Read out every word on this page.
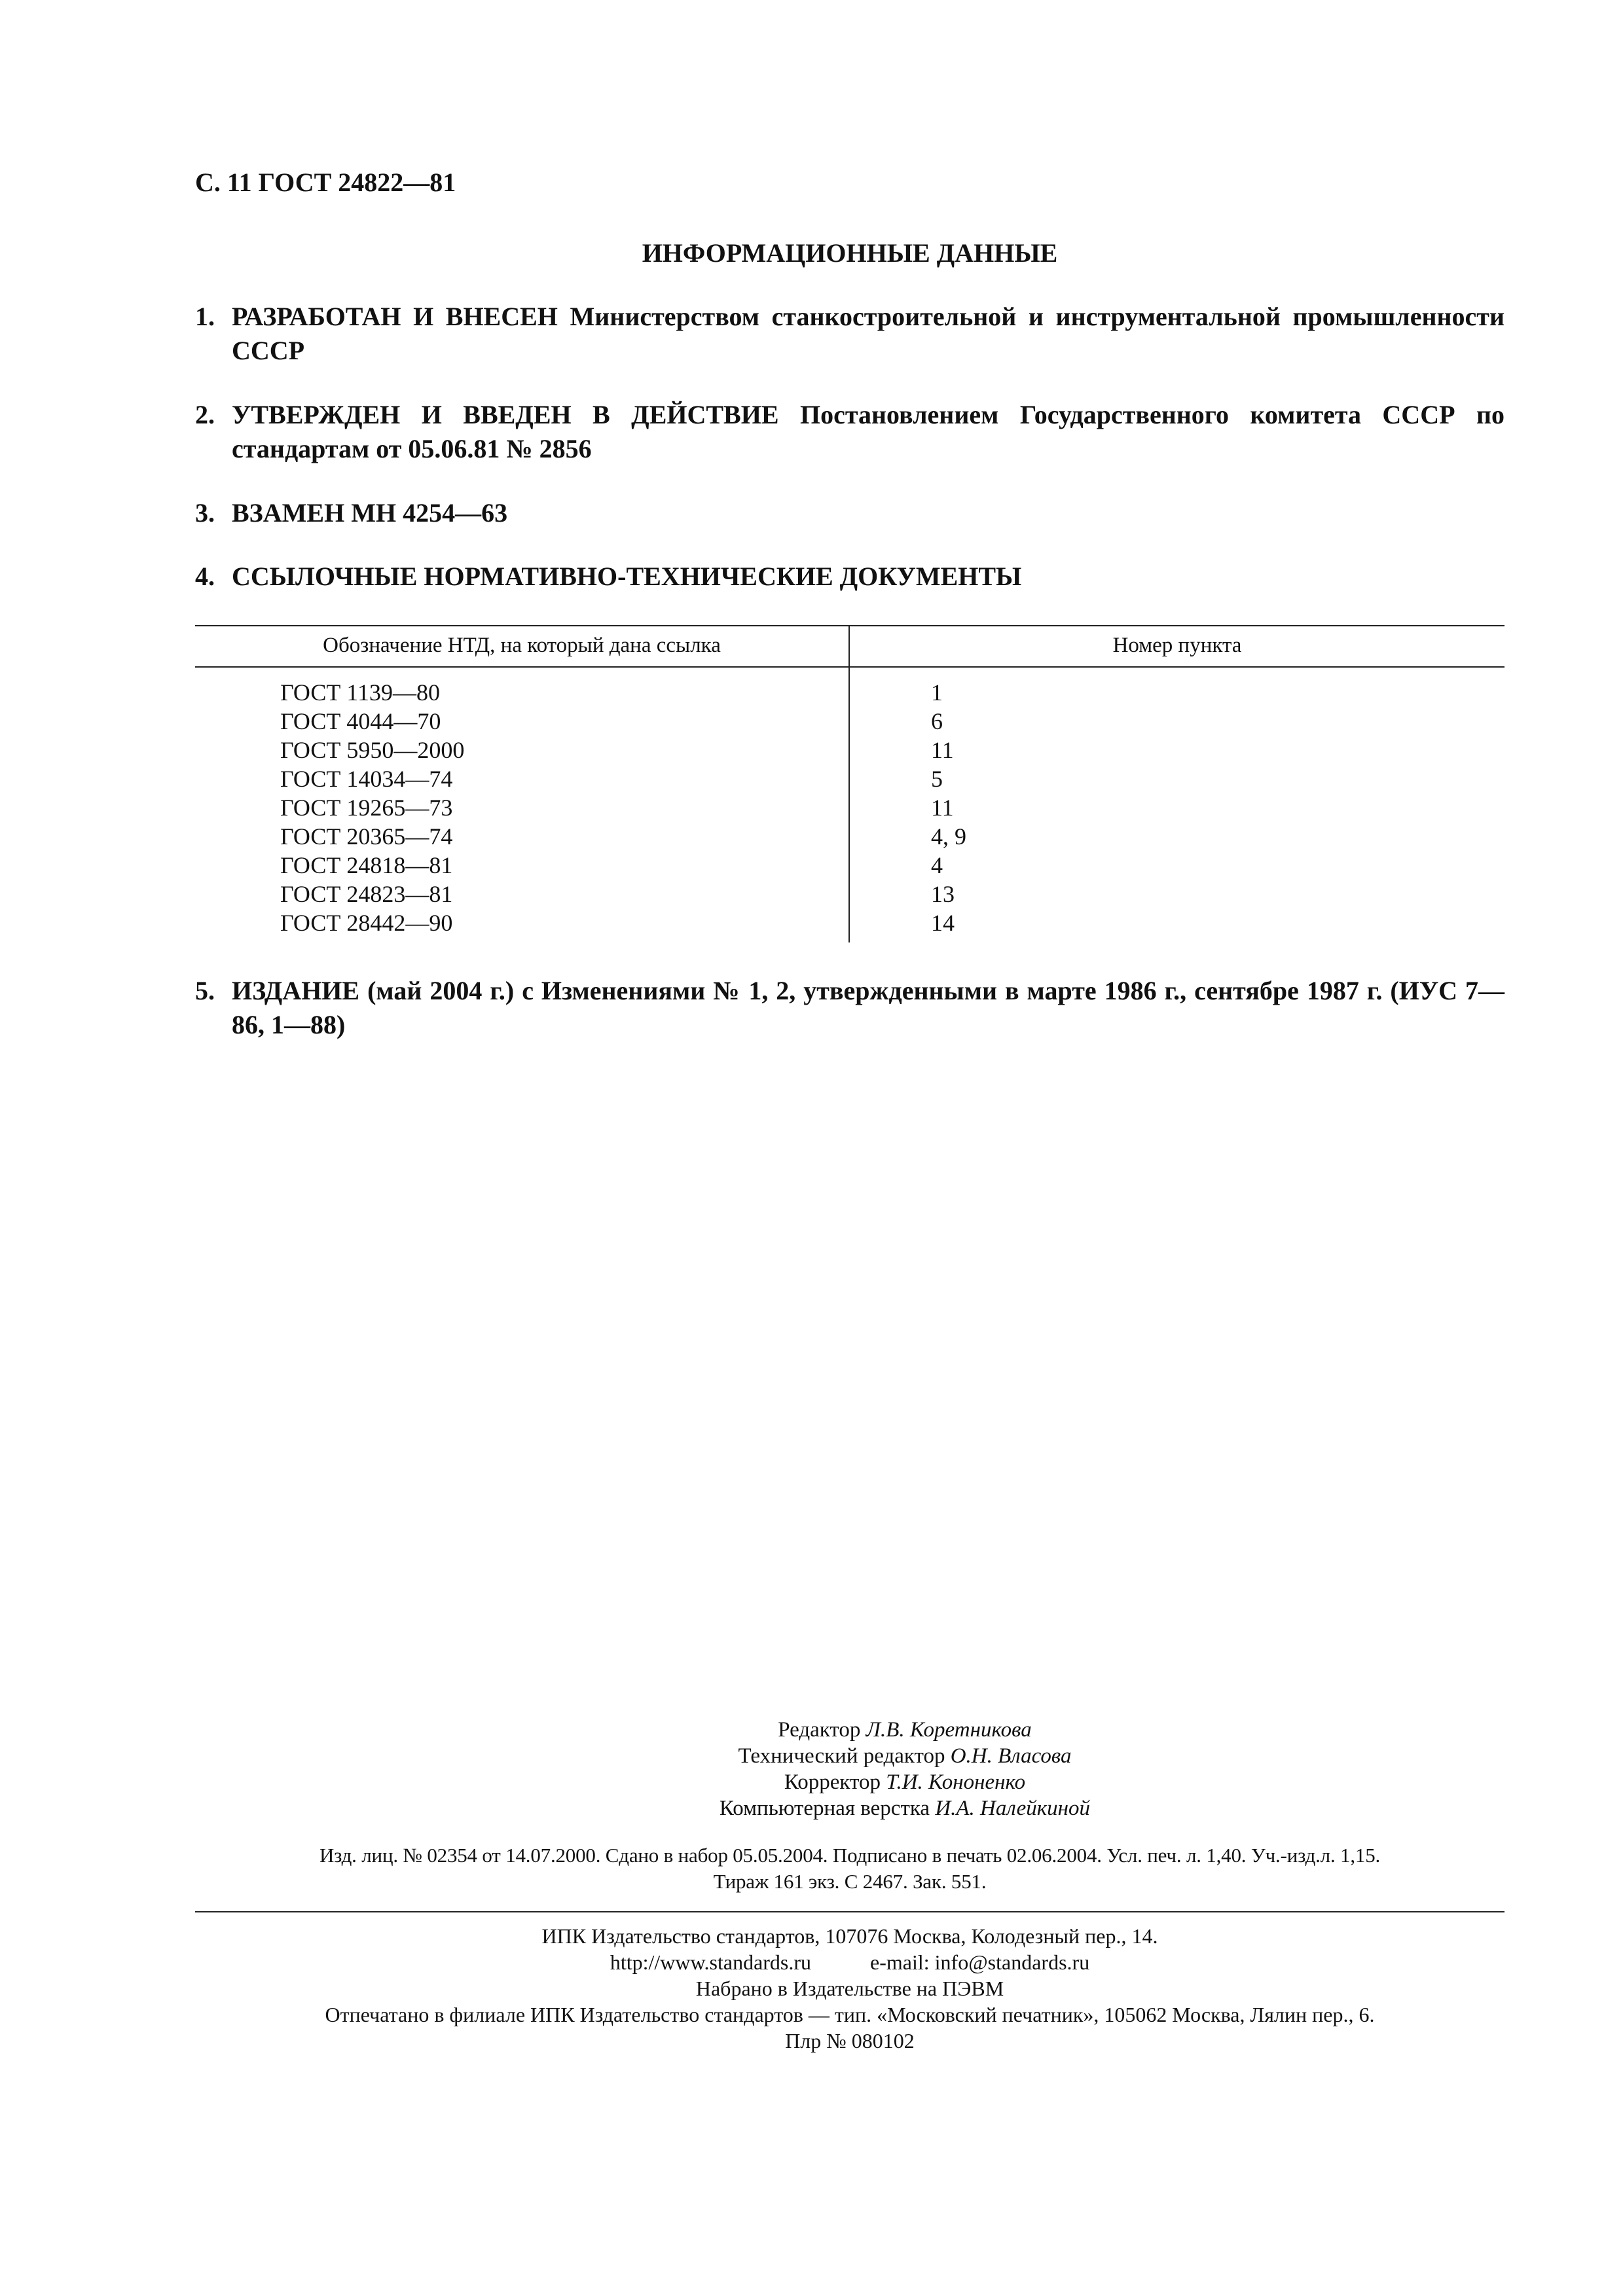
С. 11 ГОСТ 24822—81
ИНФОРМАЦИОННЫЕ ДАННЫЕ
1. РАЗРАБОТАН И ВНЕСЕН Министерством станкостроительной и инструментальной промышленности СССР
2. УТВЕРЖДЕН И ВВЕДЕН В ДЕЙСТВИЕ Постановлением Государственного комитета СССР по стандартам от 05.06.81 № 2856
3. ВЗАМЕН МН 4254—63
4. ССЫЛОЧНЫЕ НОРМАТИВНО-ТЕХНИЧЕСКИЕ ДОКУМЕНТЫ
Обозначение НТД, на который дана ссылка	Номер пункта
ГОСТ 1139—80
ГОСТ 4044—70
ГОСТ 5950—2000
ГОСТ 14034—74
ГОСТ 19265—73
ГОСТ 20365—74
ГОСТ 24818—81
ГОСТ 24823—81
ГОСТ 28442—90
1
6
11
5
11
4, 9
4
13
14
5. ИЗДАНИЕ (май 2004 г.) с Изменениями № 1, 2, утвержденными в марте 1986 г., сентябре 1987 г. (ИУС 7—86, 1—88)
Редактор Л.В. Коретникова
Технический редактор О.Н. Власова
Корректор Т.И. Кононенко
Компьютерная верстка И.А. Налейкиной
Изд. лиц. № 02354 от 14.07.2000. Сдано в набор 05.05.2004. Подписано в печать 02.06.2004. Усл. печ. л. 1,40. Уч.-изд.л. 1,15.
Тираж 161 экз. С 2467. Зак. 551.
ИПК Издательство стандартов, 107076 Москва, Колодезный пер., 14.
http://www.standards.ru	e-mail: info@standards.ru
Набрано в Издательстве на ПЭВМ
Отпечатано в филиале ИПК Издательство стандартов — тип. «Московский печатник», 105062 Москва, Лялин пер., 6.
Плр № 080102
